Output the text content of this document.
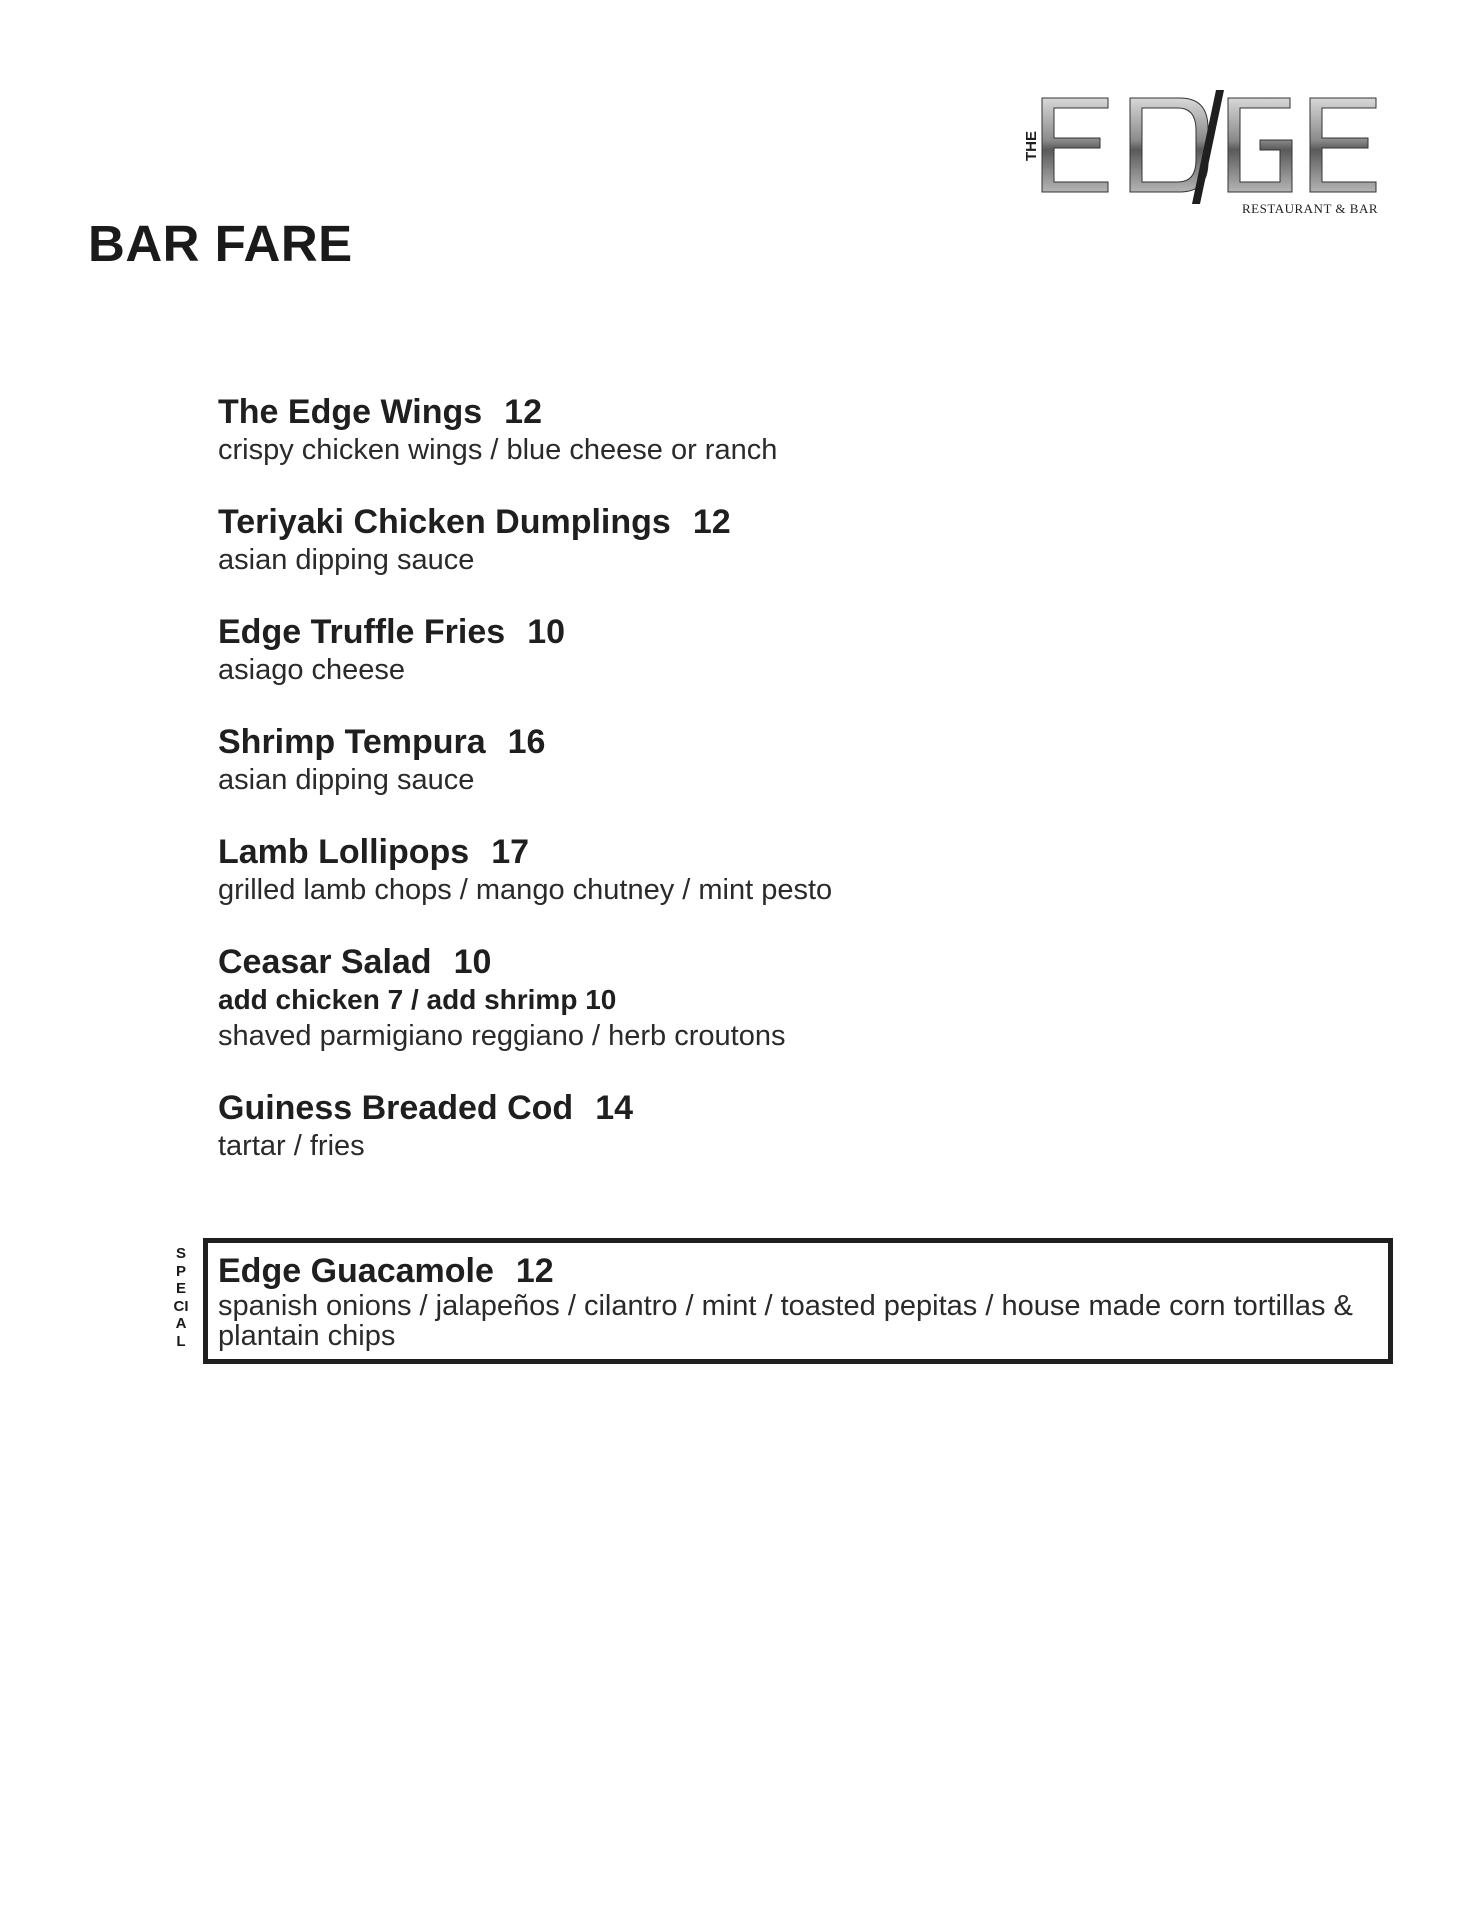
THE
RESTAURANT & BAR
BAR FARE
The Edge Wings 12
crispy chicken wings / blue cheese or ranch
Teriyaki Chicken Dumplings 12
asian dipping sauce
Edge Truffle Fries 10
asiago cheese
Shrimp Tempura 16
asian dipping sauce
Lamb Lollipops 17
grilled lamb chops / mango chutney / mint pesto
Ceasar Salad 10
add chicken 7 / add shrimp 10
shaved parmigiano reggiano / herb croutons
Guiness Breaded Cod 14
tartar / fries
SPECIAL
Edge Guacamole 12
spanish onions / jalapeños / cilantro / mint / toasted pepitas / house made corn tortillas & plantain chips
